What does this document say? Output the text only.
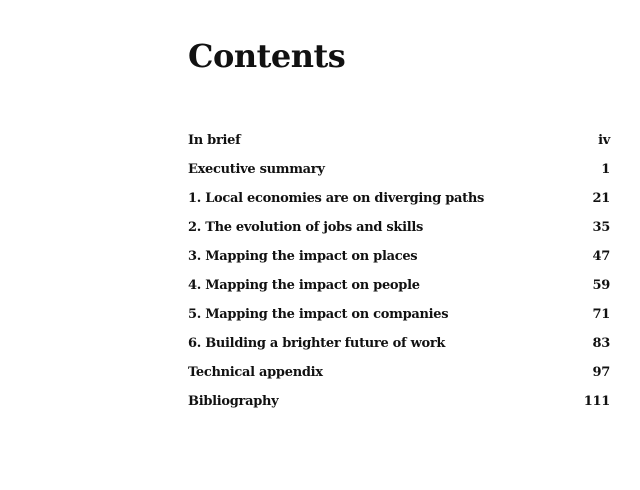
Contents
In brief	iv
Executive summary	1
1. Local economies are on diverging paths	21
2. The evolution of jobs and skills	35
3. Mapping the impact on places	47
4. Mapping the impact on people	59
5. Mapping the impact on companies	71
6. Building a brighter future of work	83
Technical appendix	97
Bibliography	111
